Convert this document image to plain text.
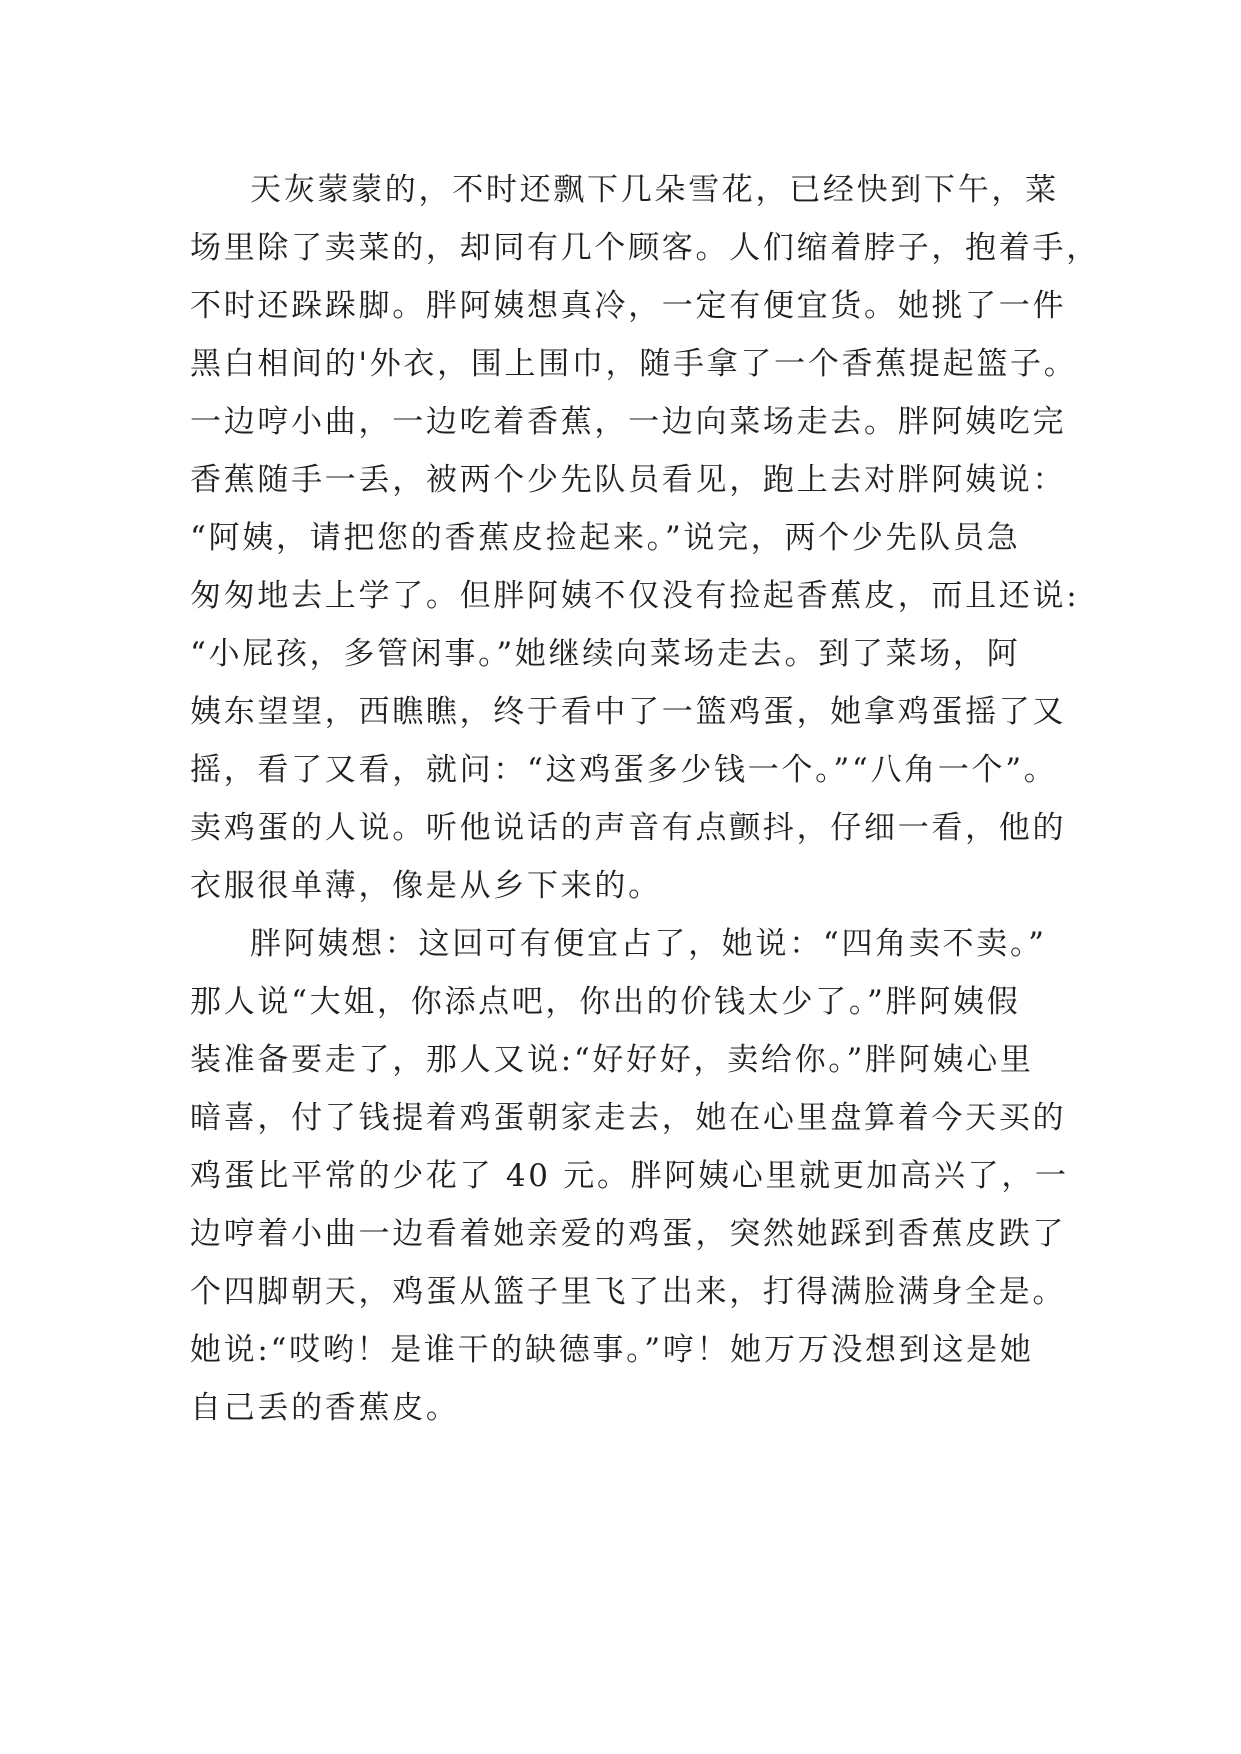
天灰蒙蒙的，不时还飘下几朵雪花，已经快到下午，菜
场里除了卖菜的，却同有几个顾客。人们缩着脖子，抱着手，
不时还跺跺脚。胖阿姨想真冷，一定有便宜货。她挑了一件
黑白相间的'外衣，围上围巾，随手拿了一个香蕉提起篮子。
一边哼小曲，一边吃着香蕉，一边向菜场走去。胖阿姨吃完
香蕉随手一丢，被两个少先队员看见，跑上去对胖阿姨说：
“阿姨，请把您的香蕉皮捡起来。”说完，两个少先队员急
匆匆地去上学了。但胖阿姨不仅没有捡起香蕉皮，而且还说:
“小屁孩，多管闲事。”她继续向菜场走去。到了菜场，阿
姨东望望，西瞧瞧，终于看中了一篮鸡蛋，她拿鸡蛋摇了又
摇，看了又看，就问：“这鸡蛋多少钱一个。”“八角一个”。
卖鸡蛋的人说。听他说话的声音有点颤抖，仔细一看，他的
衣服很单薄，像是从乡下来的。
胖阿姨想：这回可有便宜占了，她说：“四角卖不卖。”
那人说“大姐，你添点吧，你出的价钱太少了。”胖阿姨假
装准备要走了，那人又说:“好好好，卖给你。”胖阿姨心里
暗喜，付了钱提着鸡蛋朝家走去，她在心里盘算着今天买的
鸡蛋比平常的少花了 40 元。胖阿姨心里就更加高兴了，一
边哼着小曲一边看着她亲爱的鸡蛋，突然她踩到香蕉皮跌了
个四脚朝天，鸡蛋从篮子里飞了出来，打得满脸满身全是。
她说:“哎哟！是谁干的缺德事。”哼！她万万没想到这是她
自己丢的香蕉皮。
